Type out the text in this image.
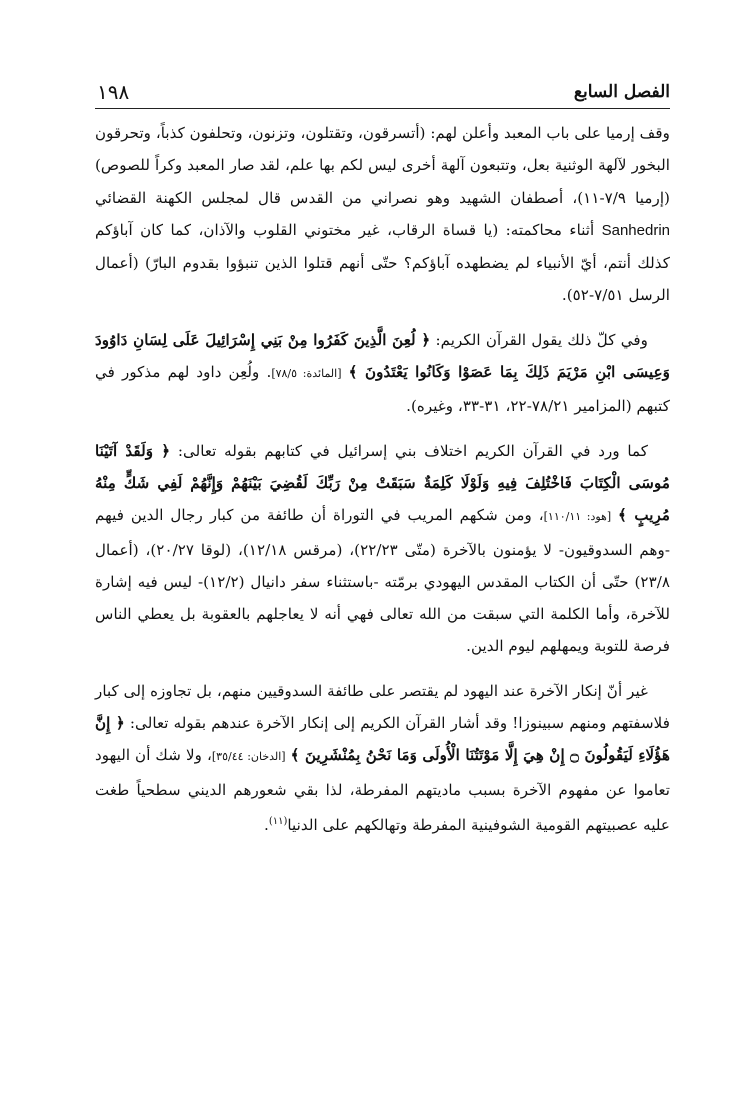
الفصل السابع
١٩٨

وقف إرميا على باب المعبد وأعلن لهم: (أتسرقون، وتقتلون، وتزنون، وتحلفون كذباً، وتحرقون البخور لآلهة الوثنية بعل، وتتبعون آلهة أخرى ليس لكم بها علم، لقد صار المعبد وكراً للصوص) (إرميا ٧/٩-١١)، أصطفان الشهيد وهو نصراني من القدس قال لمجلس الكهنة القضائي Sanhedrin أثناء محاكمته: (يا قساة الرقاب، غير مختوني القلوب والآذان، كما كان آباؤكم كذلك أنتم، أيّ الأنبياء لم يضطهده آباؤكم؟ حتّى أنهم قتلوا الذين تنبؤوا بقدوم البارّ) (أعمال الرسل ٧/٥١-٥٢).

وفي كلّ ذلك يقول القرآن الكريم: ﴿ لُعِنَ الَّذِينَ كَفَرُوا مِنْ بَنِي إِسْرَائِيلَ عَلَى لِسَانِ دَاوُودَ وَعِيسَى ابْنِ مَرْيَمَ ذَلِكَ بِمَا عَصَوْا وَكَانُوا يَعْتَدُونَ ﴾ [المائدة: ٧٨/٥]. ولُعِن داود لهم مذكور في كتبهم (المزامير ٧٨/٢١-٢٢، ٣١-٣٣، وغيره).

كما ورد في القرآن الكريم اختلاف بني إسرائيل في كتابهم بقوله تعالى: ﴿ وَلَقَدْ آتَيْنَا مُوسَى الْكِتَابَ فَاخْتُلِفَ فِيهِ وَلَوْلَا كَلِمَةٌ سَبَقَتْ مِنْ رَبِّكَ لَقُضِيَ بَيْنَهُمْ وَإِنَّهُمْ لَفِي شَكٍّ مِنْهُ مُرِيبٍ ﴾ [هود: ١١٠/١١]، ومن شكهم المريب في التوراة أن طائفة من كبار رجال الدين فيهم -وهم السدوقيون- لا يؤمنون بالآخرة (متّى ٢٢/٢٣)، (مرقس ١٢/١٨)، (لوقا ٢٠/٢٧)، (أعمال ٢٣/٨) حتّى أن الكتاب المقدس اليهودي برمّته -باستثناء سفر دانيال (١٢/٢)- ليس فيه إشارة للآخرة، وأما الكلمة التي سبقت من الله تعالى فهي أنه لا يعاجلهم بالعقوبة بل يعطي الناس فرصة للتوبة ويمهلهم ليوم الدين.

غير أنّ إنكار الآخرة عند اليهود لم يقتصر على طائفة السدوقيين منهم، بل تجاوزه إلى كبار فلاسفتهم ومنهم سبينوزا! وقد أشار القرآن الكريم إلى إنكار الآخرة عندهم بقوله تعالى: ﴿ إِنَّ هَؤُلَاءِ لَيَقُولُونَ ۝ إِنْ هِيَ إِلَّا مَوْتَتُنَا الْأُولَى وَمَا نَحْنُ بِمُنْشَرِينَ ﴾ [الدخان: ٣٥/٤٤]، ولا شك أن اليهود تعاموا عن مفهوم الآخرة بسبب ماديتهم المفرطة، لذا بقي شعورهم الديني سطحياً طغت عليه عصبيتهم القومية الشوفينية المفرطة وتهالكهم على الدنيا$^{(١١)}$.
